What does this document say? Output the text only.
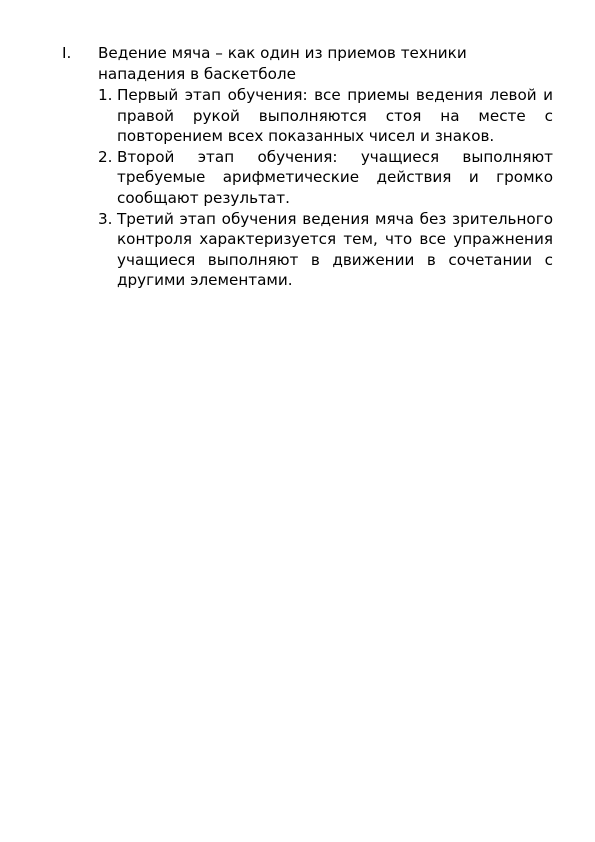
I. Ведение мяча – как один из приемов техники нападения в баскетболе
1. Первый этап обучения: все приемы ведения левой и правой рукой выполняются стоя на месте с повторением всех показанных чисел и знаков.
2. Второй этап обучения: учащиеся выполняют требуемые арифметические действия и громко сообщают результат.
3. Третий этап обучения ведения мяча без зрительного контроля характеризуется тем, что все упражнения учащиеся выполняют в движении в сочетании с другими элементами.
